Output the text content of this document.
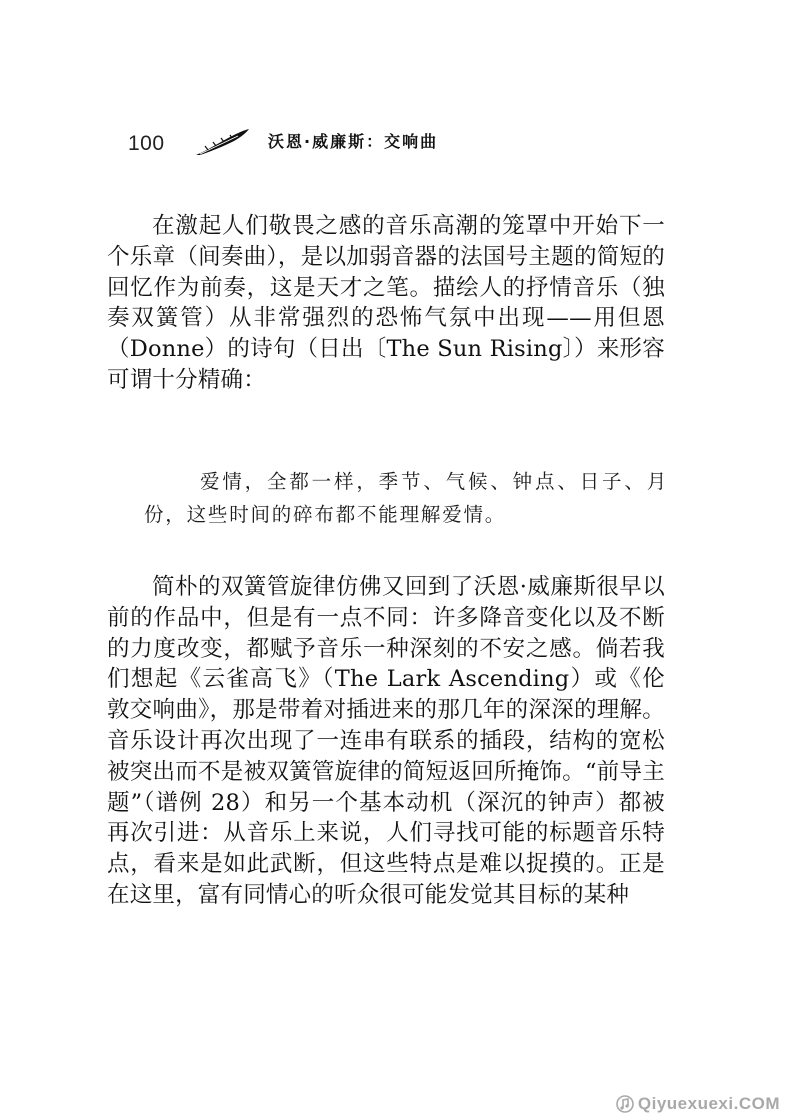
100	沃恩·威廉斯：交响曲

在激起人们敬畏之感的音乐高潮的笼罩中开始下一个乐章（间奏曲），是以加弱音器的法国号主题的简短的回忆作为前奏，这是天才之笔。描绘人的抒情音乐（独奏双簧管）从非常强烈的恐怖气氛中出现——用但恩（Donne）的诗句（日出〔The Sun Rising〕）来形容可谓十分精确：

爱情，全都一样，季节、气候、钟点、日子、月份，这些时间的碎布都不能理解爱情。

简朴的双簧管旋律仿佛又回到了沃恩·威廉斯很早以前的作品中，但是有一点不同：许多降音变化以及不断的力度改变，都赋予音乐一种深刻的不安之感。倘若我们想起《云雀高飞》（The Lark Ascending）或《伦敦交响曲》，那是带着对插进来的那几年的深深的理解。音乐设计再次出现了一连串有联系的插段，结构的宽松被突出而不是被双簧管旋律的简短返回所掩饰。“前导主题”（谱例 28）和另一个基本动机（深沉的钟声）都被再次引进：从音乐上来说，人们寻找可能的标题音乐特点，看来是如此武断，但这些特点是难以捉摸的。正是在这里，富有同情心的听众很可能发觉其目标的某种

Qiyuexuexi.COM
